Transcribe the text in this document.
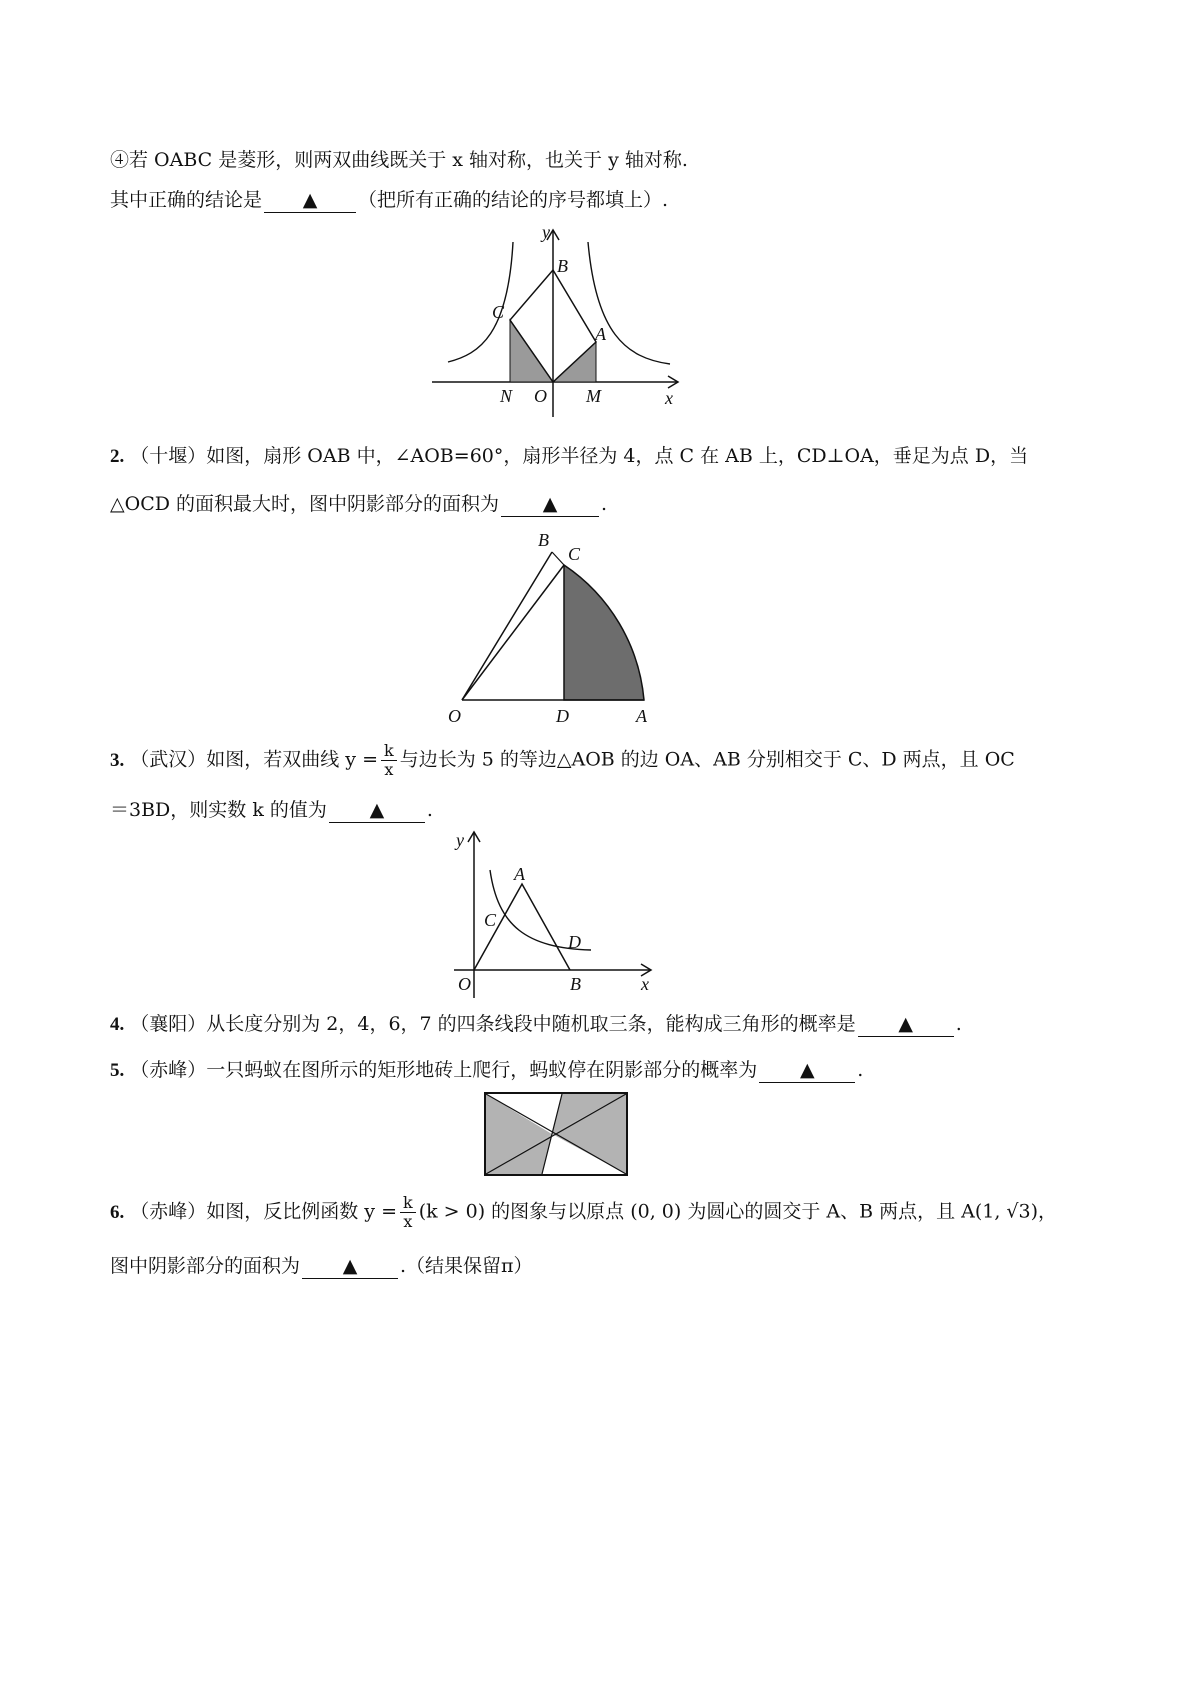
④若 OABC 是菱形，则两双曲线既关于 x 轴对称，也关于 y 轴对称.
其中正确的结论是 ▲ （把所有正确的结论的序号都填上）.
y
x
B
C
A
N O M
2. （十堰）如图，扇形 OAB 中，∠AOB=60°，扇形半径为 4，点 C 在 AB 上，CD⊥OA，垂足为点 D，当
△OCD 的面积最大时，图中阴影部分的面积为 ▲ .
B
C
O	D	A
3. （武汉）如图，若双曲线 $y = \frac{k}{x}$ 与边长为 5 的等边△AOB 的边 OA、AB 分别相交于 C、D 两点，且 OC
＝3BD，则实数 k 的值为 ▲ .
y
A
C
D
O	B	x
4. （襄阳）从长度分别为 2，4，6，7 的四条线段中随机取三条，能构成三角形的概率是 ▲ .
5. （赤峰）一只蚂蚁在图所示的矩形地砖上爬行，蚂蚁停在阴影部分的概率为 ▲ .
6. （赤峰）如图，反比例函数 $y = \frac{k}{x} (k > 0)$ 的图象与以原点 (0, 0) 为圆心的圆交于 A、B 两点，且 A(1, √3)，
图中阴影部分的面积为 ▲ .（结果保留π）
